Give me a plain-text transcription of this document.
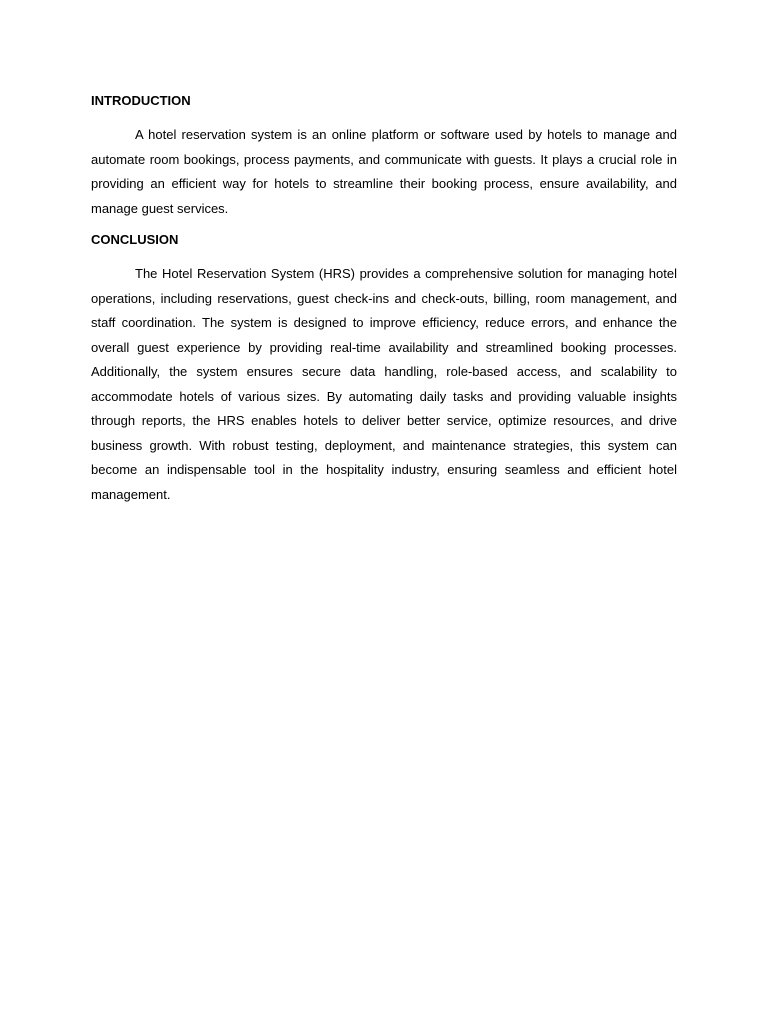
INTRODUCTION

A hotel reservation system is an online platform or software used by hotels to manage and automate room bookings, process payments, and communicate with guests. It plays a crucial role in providing an efficient way for hotels to streamline their booking process, ensure availability, and manage guest services.

CONCLUSION

The Hotel Reservation System (HRS) provides a comprehensive solution for managing hotel operations, including reservations, guest check-ins and check-outs, billing, room management, and staff coordination. The system is designed to improve efficiency, reduce errors, and enhance the overall guest experience by providing real-time availability and streamlined booking processes. Additionally, the system ensures secure data handling, role-based access, and scalability to accommodate hotels of various sizes. By automating daily tasks and providing valuable insights through reports, the HRS enables hotels to deliver better service, optimize resources, and drive business growth. With robust testing, deployment, and maintenance strategies, this system can become an indispensable tool in the hospitality industry, ensuring seamless and efficient hotel management.
